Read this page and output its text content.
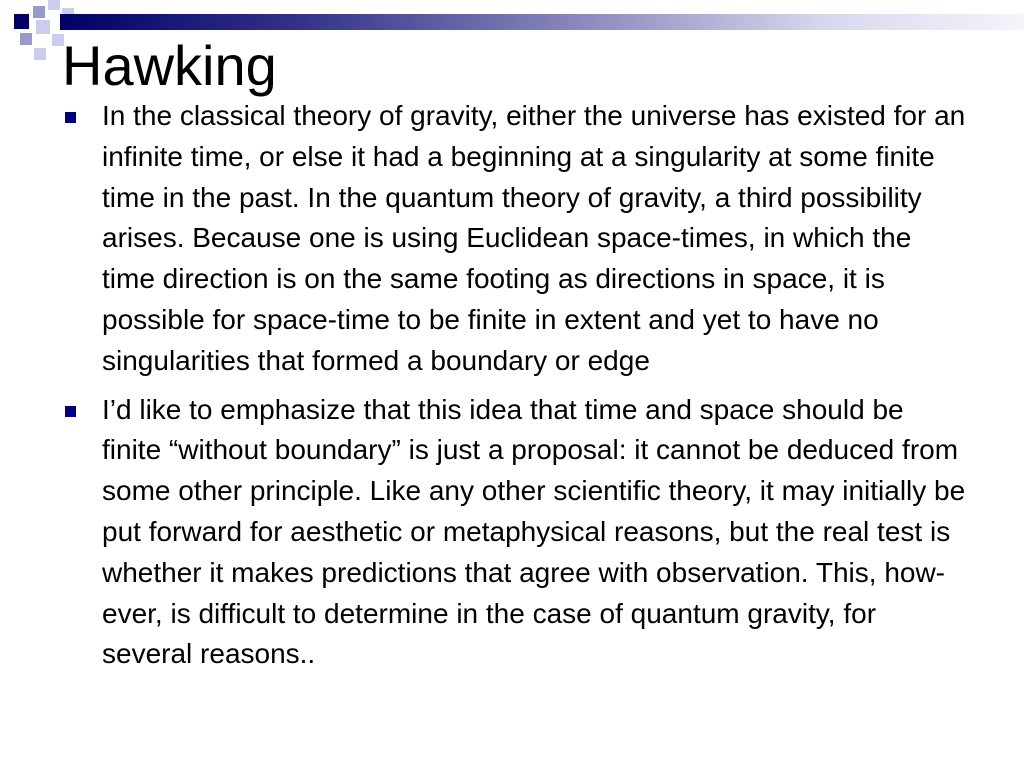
Hawking
In the classical theory of gravity, either the universe has existed for an infinite time, or else it had a beginning at a singularity at some finite time in the past. In the quantum theory of gravity, a third possibility arises. Because one is using Euclidean space-times, in which the time direction is on the same footing as directions in space, it is possible for space-time to be finite in extent and yet to have no singularities that formed a boundary or edge
I’d like to emphasize that this idea that time and space should be finite “without boundary” is just a proposal: it cannot be deduced from some other principle. Like any other scientific theory, it may initially be put forward for aesthetic or metaphysical reasons, but the real test is whether it makes predictions that agree with observation. This, how-ever, is difficult to determine in the case of quantum gravity, for several reasons..
